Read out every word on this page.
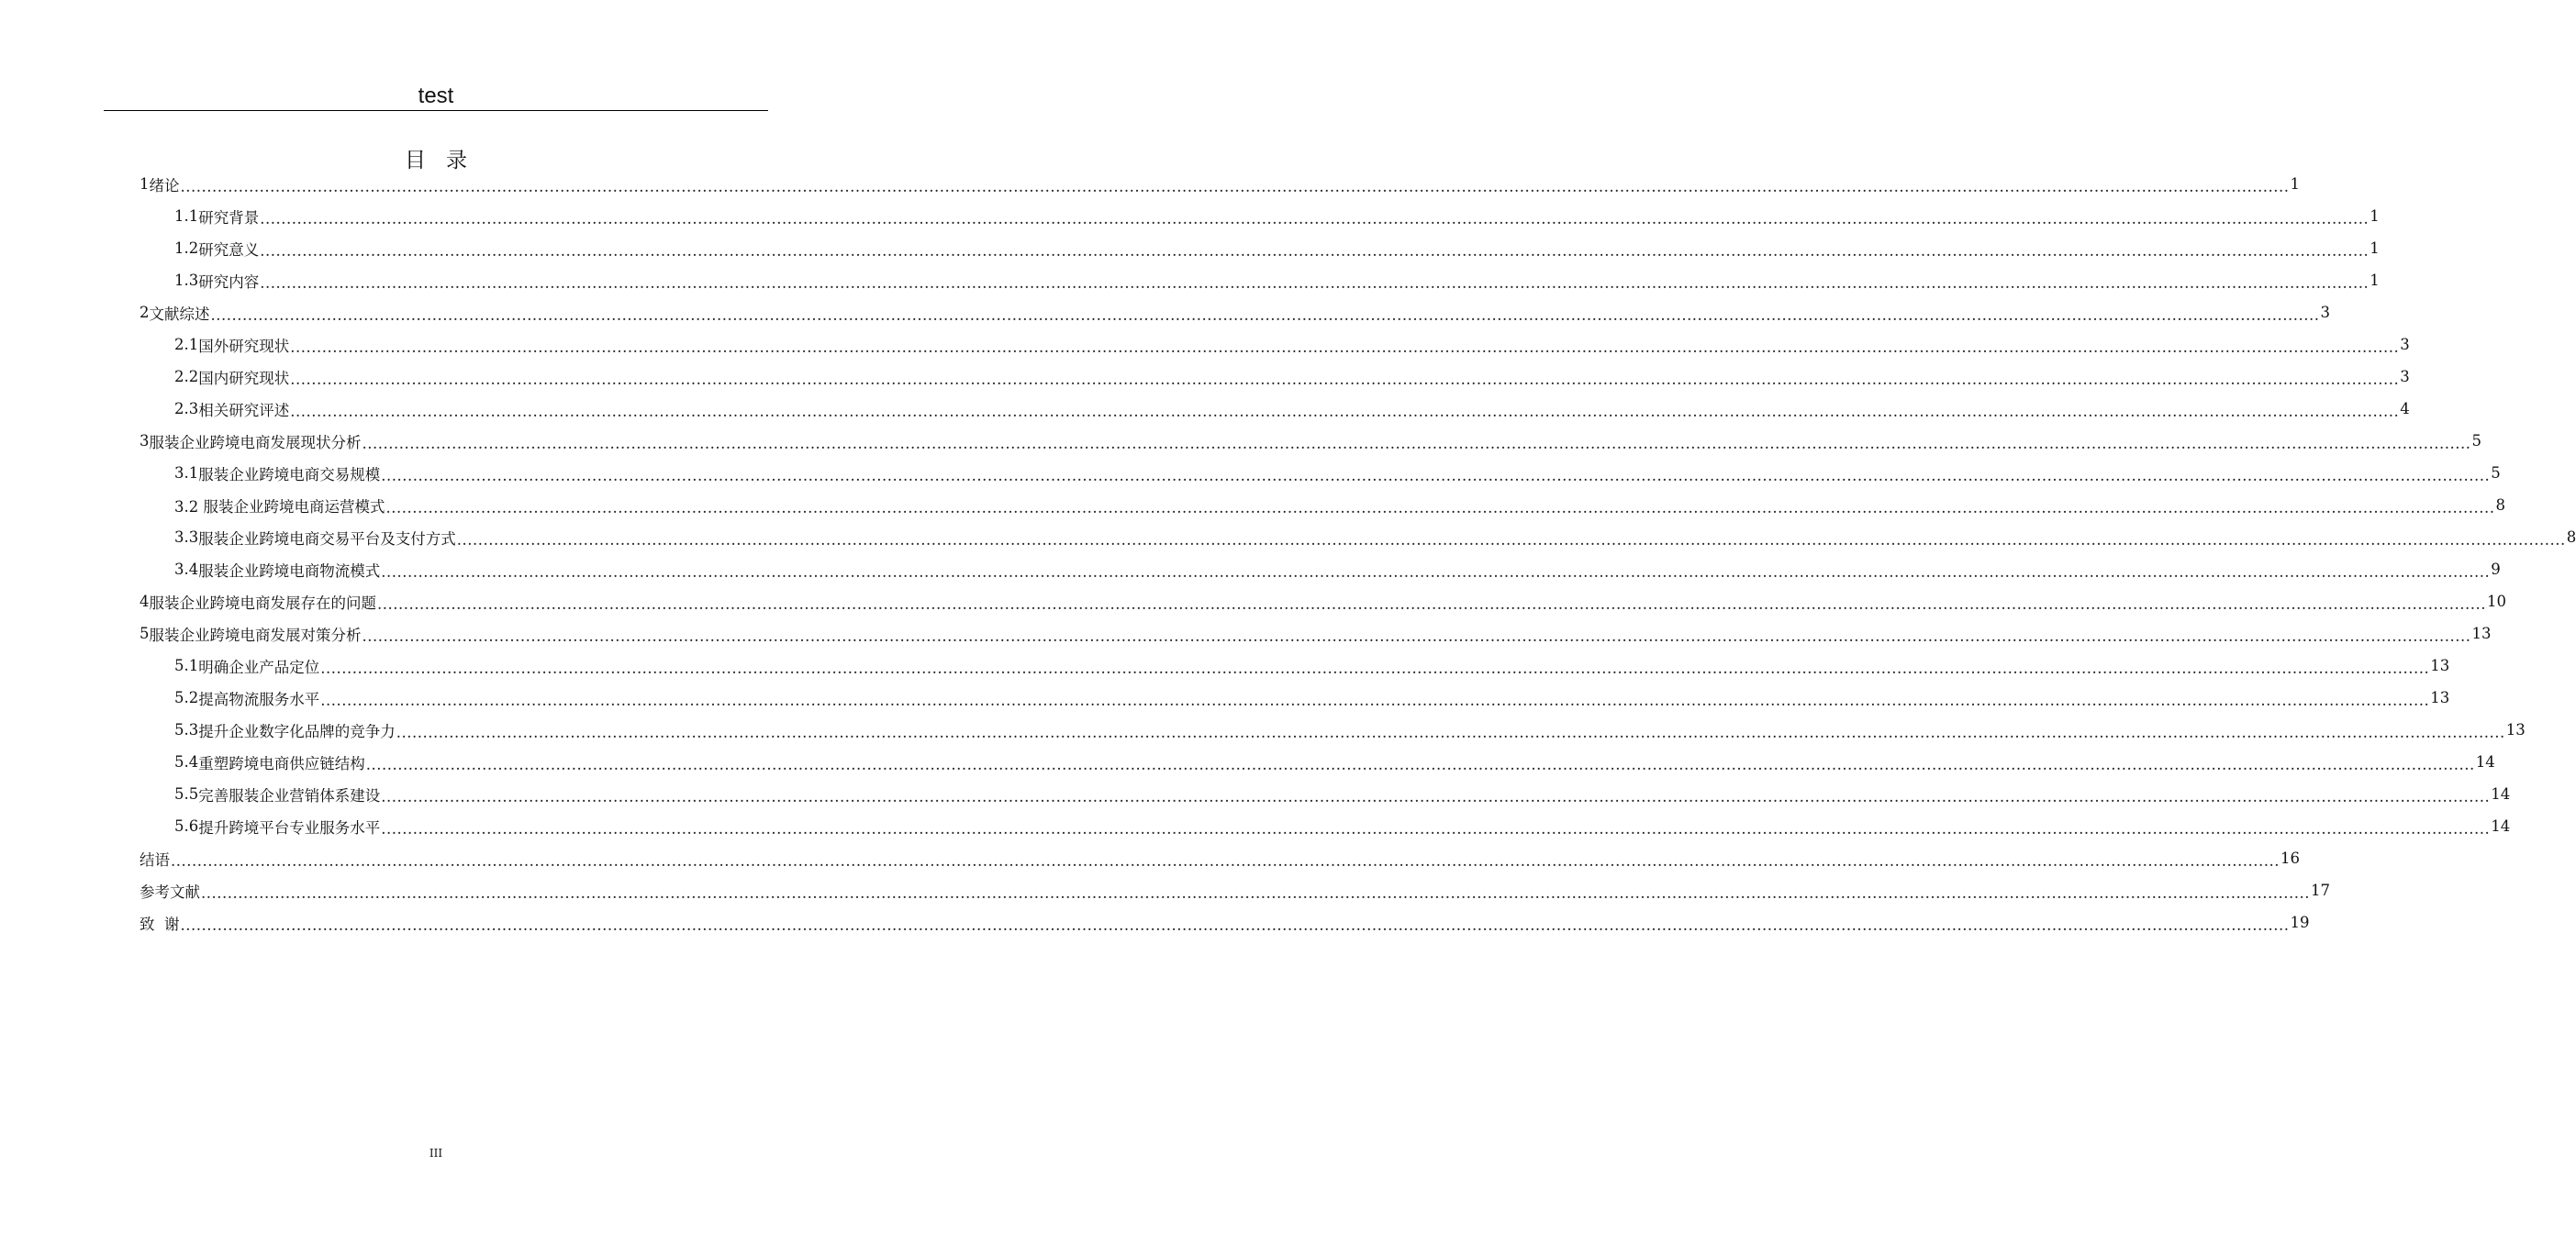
test
目录
1 绪论 ................................................................................................................................................................................................................................................................................................................................................................................................................ 1
1.1 研究背景 ................................................................................................................................................................................................................................................................................................................................................................................................................ 1
1.2 研究意义 ................................................................................................................................................................................................................................................................................................................................................................................................................ 1
1.3 研究内容 ................................................................................................................................................................................................................................................................................................................................................................................................................ 1
2 文献综述 ................................................................................................................................................................................................................................................................................................................................................................................................................ 3
2.1 国外研究现状 ................................................................................................................................................................................................................................................................................................................................................................................................................ 3
2.2 国内研究现状 ................................................................................................................................................................................................................................................................................................................................................................................................................ 3
2.3 相关研究评述 ................................................................................................................................................................................................................................................................................................................................................................................................................ 4
3 服装企业跨境电商发展现状分析 ................................................................................................................................................................................................................................................................................................................................................................................................................ 5
3.1 服装企业跨境电商交易规模 ................................................................................................................................................................................................................................................................................................................................................................................................................ 5
3.2 服装企业跨境电商运营模式 ................................................................................................................................................................................................................................................................................................................................................................................................................ 8
3.3 服装企业跨境电商交易平台及支付方式 ................................................................................................................................................................................................................................................................................................................................................................................................................ 8
3.4 服装企业跨境电商物流模式 ................................................................................................................................................................................................................................................................................................................................................................................................................ 9
4 服装企业跨境电商发展存在的问题 ................................................................................................................................................................................................................................................................................................................................................................................................................ 10
5 服装企业跨境电商发展对策分析 ................................................................................................................................................................................................................................................................................................................................................................................................................ 13
5.1 明确企业产品定位 ................................................................................................................................................................................................................................................................................................................................................................................................................ 13
5.2 提高物流服务水平 ................................................................................................................................................................................................................................................................................................................................................................................................................ 13
5.3 提升企业数字化品牌的竞争力 ................................................................................................................................................................................................................................................................................................................................................................................................................ 13
5.4 重塑跨境电商供应链结构 ................................................................................................................................................................................................................................................................................................................................................................................................................ 14
5.5 完善服装企业营销体系建设 ................................................................................................................................................................................................................................................................................................................................................................................................................ 14
5.6 提升跨境平台专业服务水平 ................................................................................................................................................................................................................................................................................................................................................................................................................ 14
结语 ................................................................................................................................................................................................................................................................................................................................................................................................................ 16
参考文献 ................................................................................................................................................................................................................................................................................................................................................................................................................ 17
致  谢 ................................................................................................................................................................................................................................................................................................................................................................................................................ 19
III
